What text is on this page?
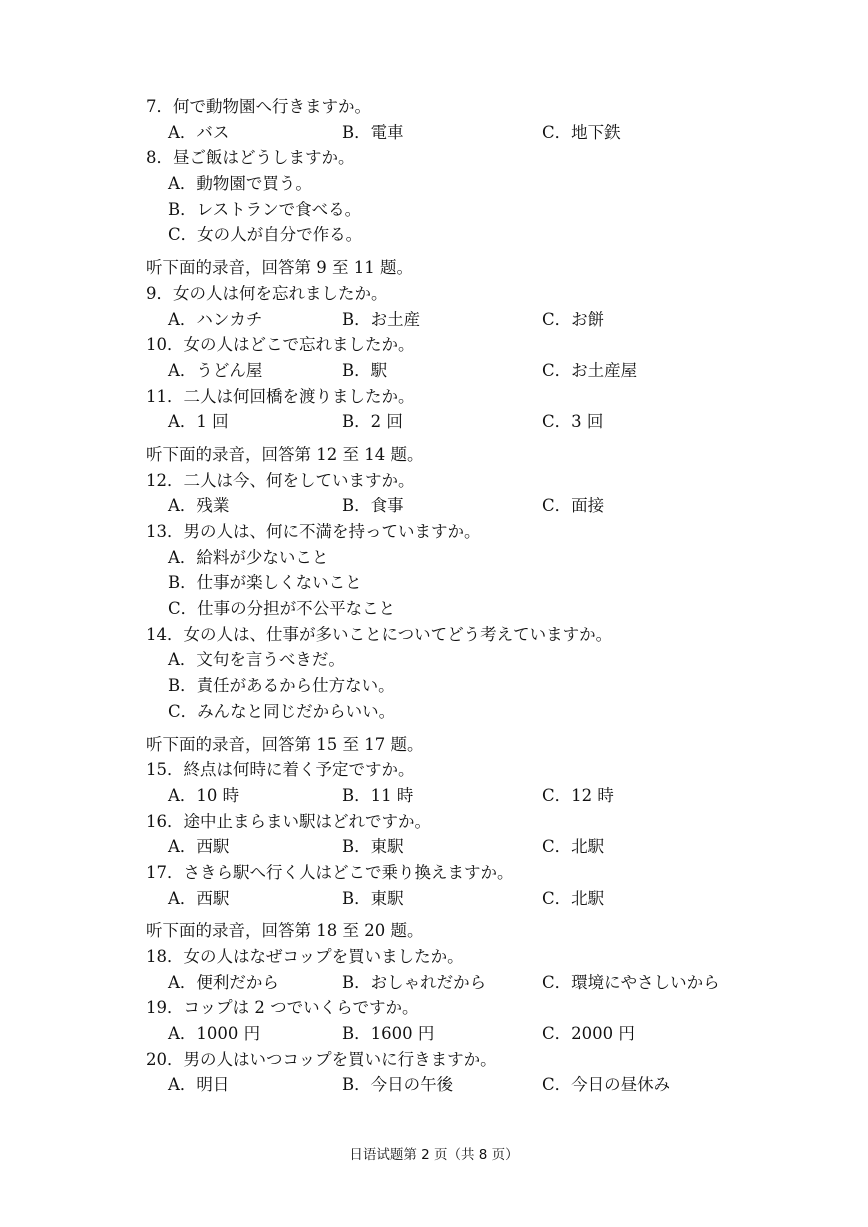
7．何で動物園へ行きますか。
A．バス	B．電車	C．地下鉄
8．昼ご飯はどうしますか。
A．動物園で買う。
B．レストランで食べる。
C．女の人が自分で作る。
听下面的录音，回答第 9 至 11 题。
9．女の人は何を忘れましたか。
A．ハンカチ	B．お土産	C．お餅
10．女の人はどこで忘れましたか。
A．うどん屋	B．駅	C．お土産屋
11．二人は何回橋を渡りましたか。
A．1 回	B．2 回	C．3 回
听下面的录音，回答第 12 至 14 题。
12．二人は今、何をしていますか。
A．残業	B．食事	C．面接
13．男の人は、何に不満を持っていますか。
A．給料が少ないこと
B．仕事が楽しくないこと
C．仕事の分担が不公平なこと
14．女の人は、仕事が多いことについてどう考えていますか。
A．文句を言うべきだ。
B．責任があるから仕方ない。
C．みんなと同じだからいい。
听下面的录音，回答第 15 至 17 题。
15．終点は何時に着く予定ですか。
A．10 時	B．11 時	C．12 時
16．途中止まらまい駅はどれですか。
A．西駅	B．東駅	C．北駅
17．さきら駅へ行く人はどこで乗り換えますか。
A．西駅	B．東駅	C．北駅
听下面的录音，回答第 18 至 20 题。
18．女の人はなぜコップを買いましたか。
A．便利だから	B．おしゃれだから	C．環境にやさしいから
19．コップは 2 つでいくらですか。
A．1000 円	B．1600 円	C．2000 円
20．男の人はいつコップを買いに行きますか。
A．明日	B．今日の午後	C．今日の昼休み
日语试题第 2 页（共 8 页）
